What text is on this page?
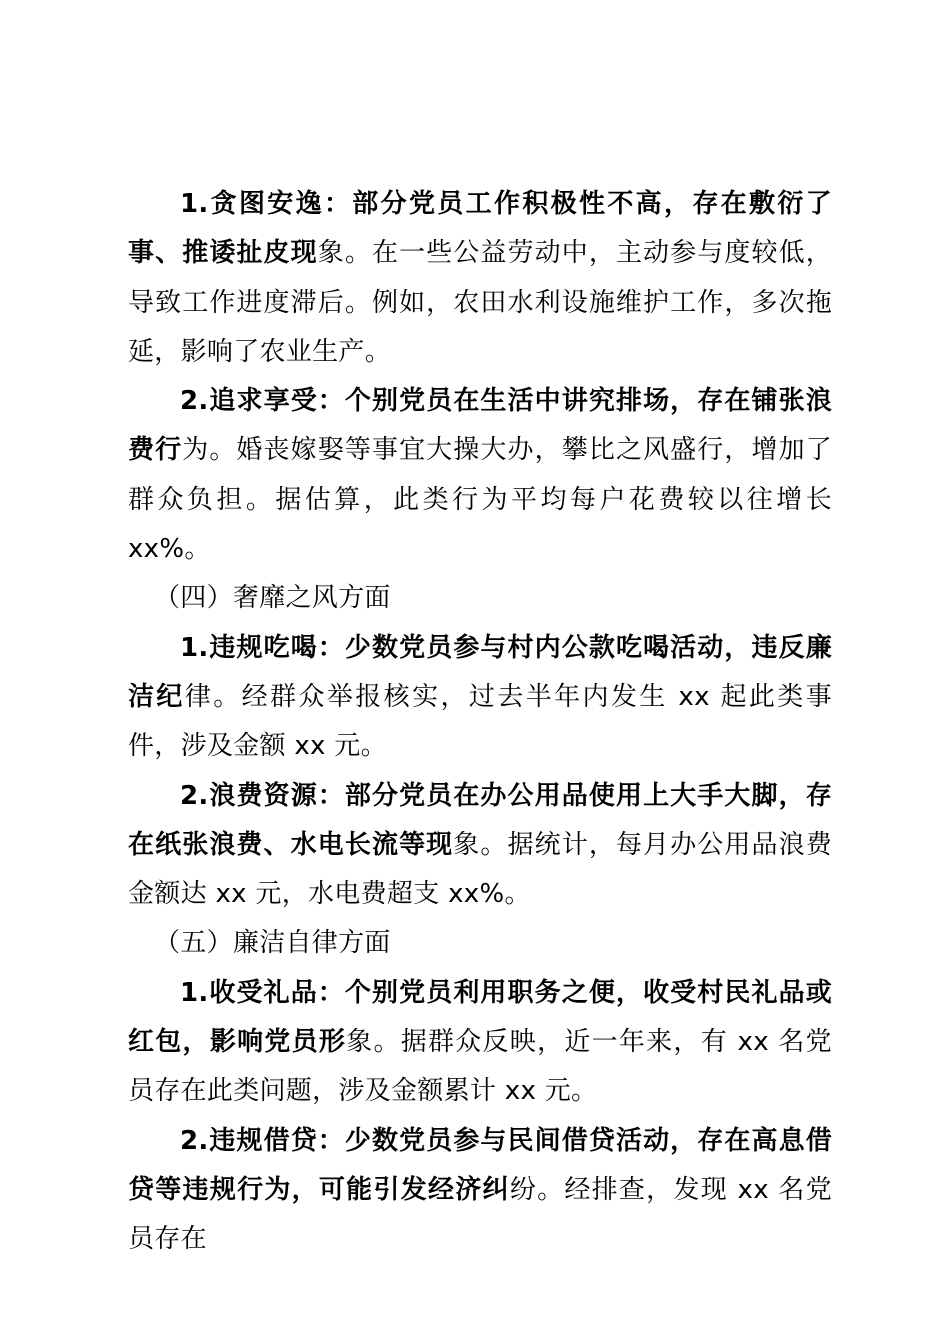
1.贪图安逸：部分党员工作积极性不高，存在敷衍了事、推诿扯皮现象。在一些公益劳动中，主动参与度较低，导致工作进度滞后。例如，农田水利设施维护工作，多次拖延，影响了农业生产。

2.追求享受：个别党员在生活中讲究排场，存在铺张浪费行为。婚丧嫁娶等事宜大操大办，攀比之风盛行，增加了群众负担。据估算，此类行为平均每户花费较以往增长 xx%。

（四）奢靡之风方面

1.违规吃喝：少数党员参与村内公款吃喝活动，违反廉洁纪律。经群众举报核实，过去半年内发生 xx 起此类事件，涉及金额 xx 元。

2.浪费资源：部分党员在办公用品使用上大手大脚，存在纸张浪费、水电长流等现象。据统计，每月办公用品浪费金额达 xx 元，水电费超支 xx%。

（五）廉洁自律方面

1.收受礼品：个别党员利用职务之便，收受村民礼品或红包，影响党员形象。据群众反映，近一年来，有 xx 名党员存在此类问题，涉及金额累计 xx 元。

2.违规借贷：少数党员参与民间借贷活动，存在高息借贷等违规行为，可能引发经济纠纷。经排查，发现 xx 名党员存在
